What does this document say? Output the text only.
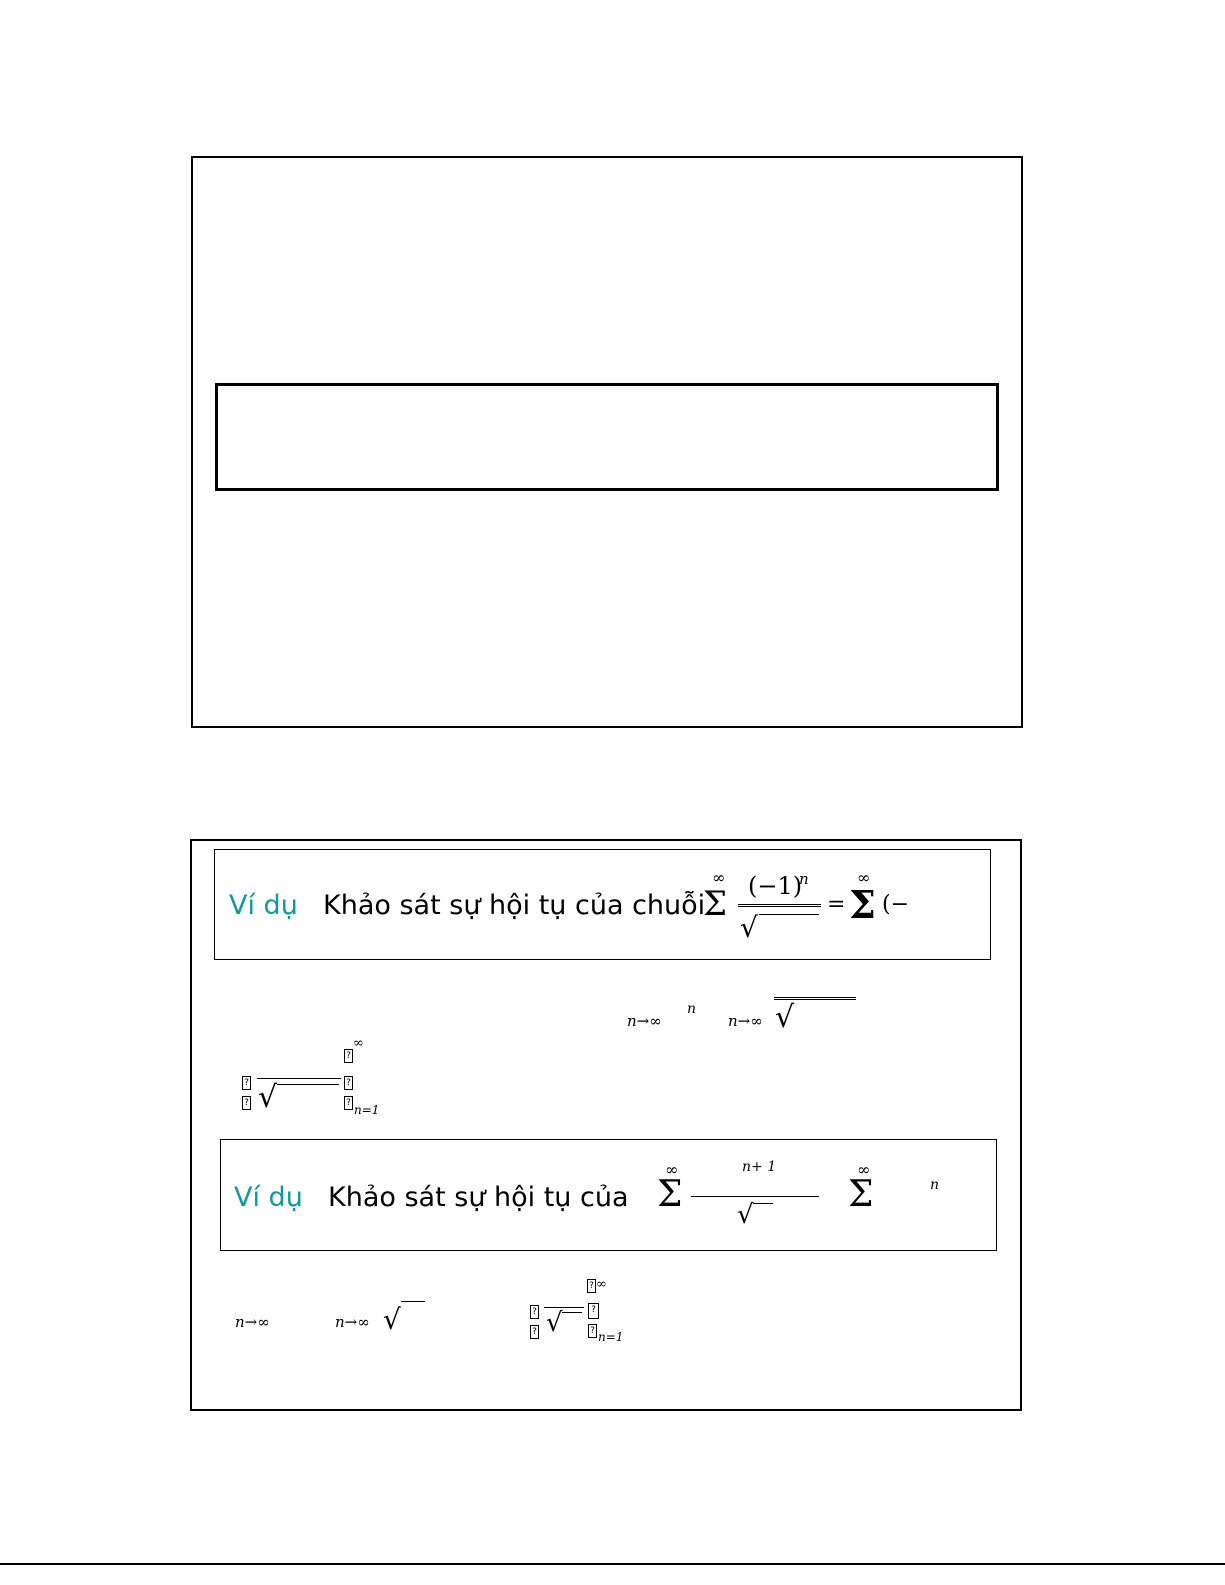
Ví dụ Khảo sát sự hội tụ của chuỗi
∞
Σ (−1)
n
√
=
∞
Σ (−
n→∞
n
n→∞ √
?
∞
?
? √	?
? n=1
Ví dụ Khảo sát sự hội tụ của
∞
Σ
n+ 1
√
∞
Σ	n
n→∞	n→∞ √
? ∞
?
? √	?
? n=1
